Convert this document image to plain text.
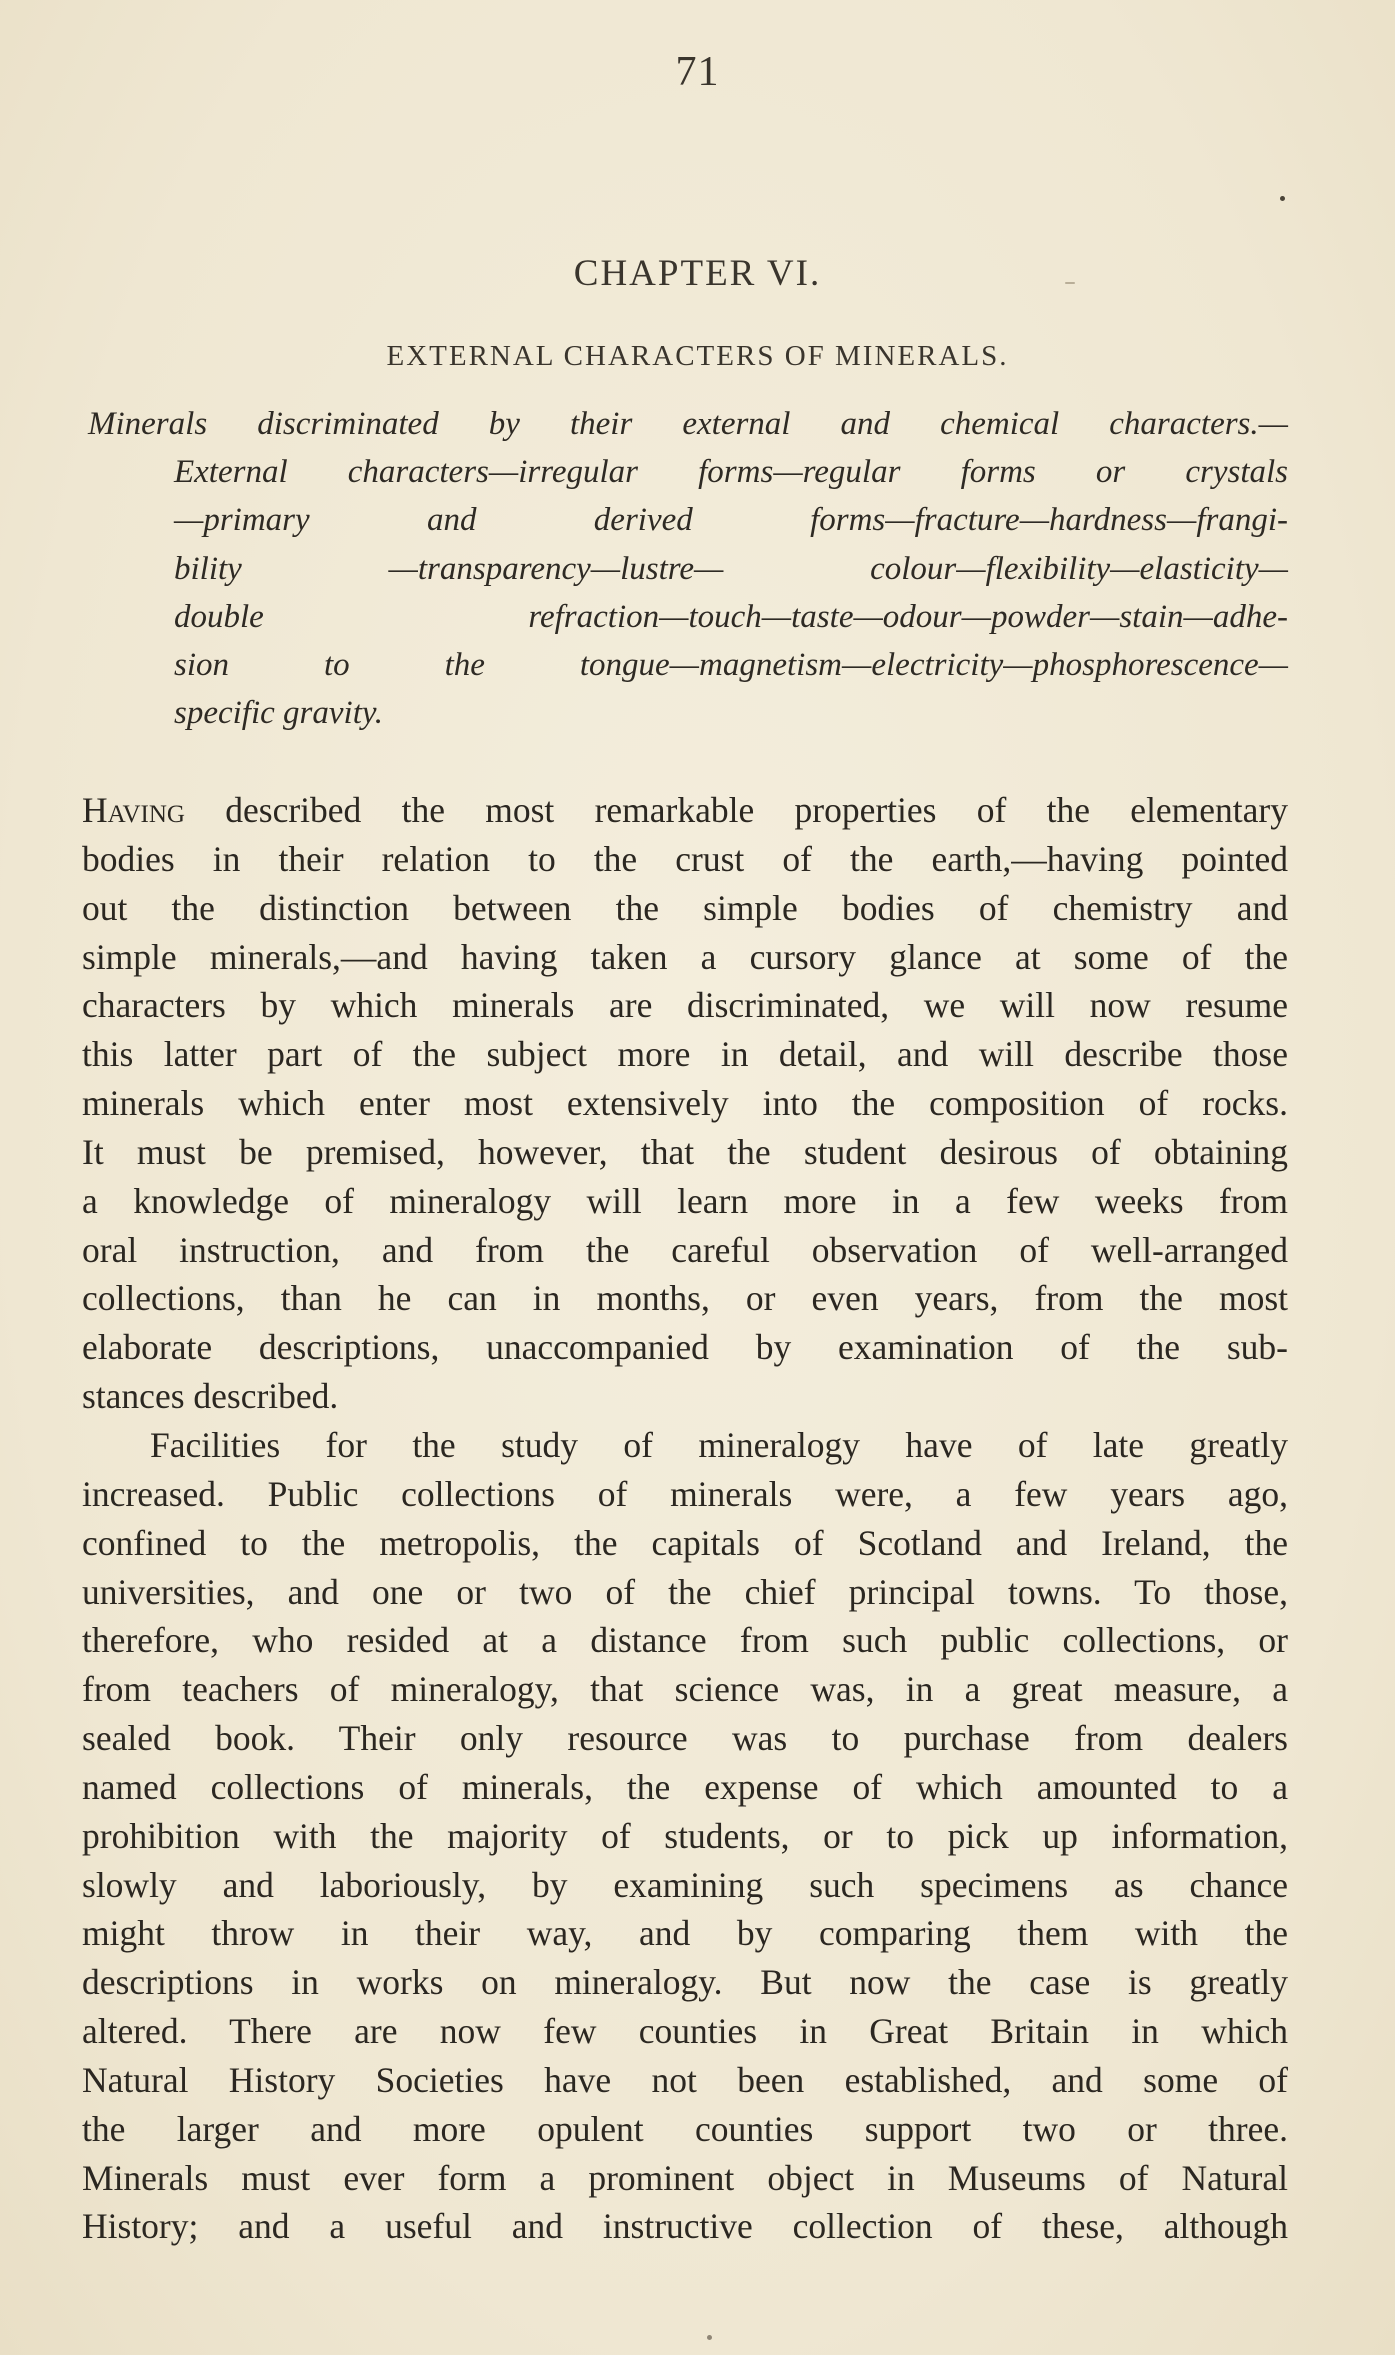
71
CHAPTER VI.
EXTERNAL CHARACTERS OF MINERALS.
Minerals discriminated by their external and chemical characters.—
External characters—irregular forms—regular forms or crystals
—primary and derived forms—fracture—hardness—frangi-
bility —transparency—lustre— colour—flexibility—elasticity—
double refraction—touch—taste—odour—powder—stain—adhe-
sion to the tongue—magnetism—electricity—phosphorescence—
specific gravity.
Having described the most remarkable properties of the elementary
bodies in their relation to the crust of the earth,—having pointed
out the distinction between the simple bodies of chemistry and
simple minerals,—and having taken a cursory glance at some of the
characters by which minerals are discriminated, we will now resume
this latter part of the subject more in detail, and will describe those
minerals which enter most extensively into the composition of rocks.
It must be premised, however, that the student desirous of obtaining
a knowledge of mineralogy will learn more in a few weeks from
oral instruction, and from the careful observation of well-arranged
collections, than he can in months, or even years, from the most
elaborate descriptions, unaccompanied by examination of the sub-
stances described.
Facilities for the study of mineralogy have of late greatly
increased. Public collections of minerals were, a few years ago,
confined to the metropolis, the capitals of Scotland and Ireland, the
universities, and one or two of the chief principal towns. To those,
therefore, who resided at a distance from such public collections, or
from teachers of mineralogy, that science was, in a great measure, a
sealed book. Their only resource was to purchase from dealers
named collections of minerals, the expense of which amounted to a
prohibition with the majority of students, or to pick up information,
slowly and laboriously, by examining such specimens as chance
might throw in their way, and by comparing them with the
descriptions in works on mineralogy. But now the case is greatly
altered. There are now few counties in Great Britain in which
Natural History Societies have not been established, and some of
the larger and more opulent counties support two or three.
Minerals must ever form a prominent object in Museums of Natural
History; and a useful and instructive collection of these, although
